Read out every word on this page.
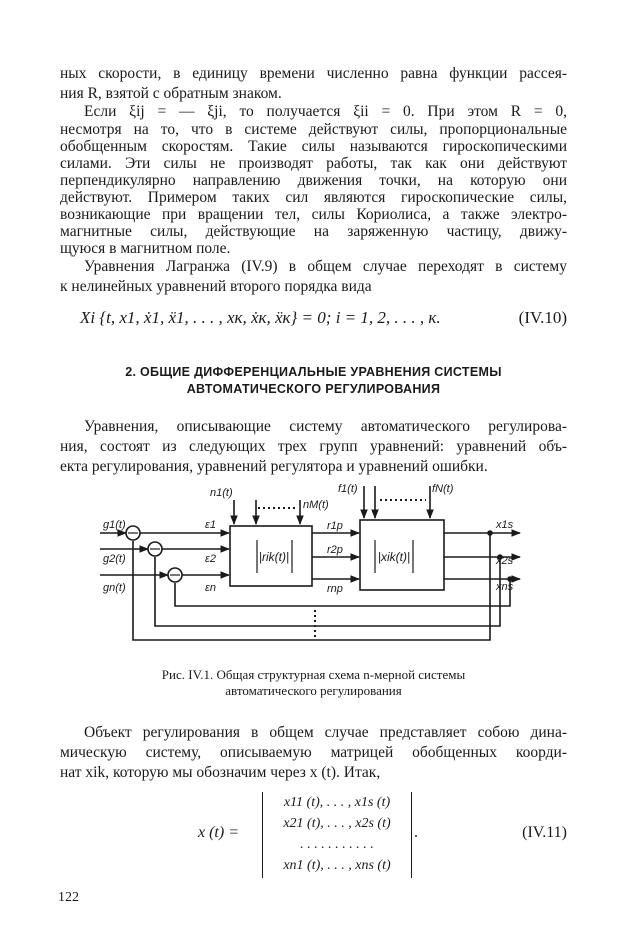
ных скорости, в единицу времени численно равна функции рассея-
ния R, взятой с обратным знаком.
Если ξij = — ξji, то получается ξii = 0. При этом R = 0,
несмотря на то, что в системе действуют силы, пропорциональные
обобщенным скоростям. Такие силы называются гироскопическими
силами. Эти силы не производят работы, так как они действуют
перпендикулярно направлению движения точки, на которую они
действуют. Примером таких сил являются гироскопические силы,
возникающие при вращении тел, силы Кориолиса, а также электро-
магнитные силы, действующие на заряженную частицу, движу-
щуюся в магнитном поле.
Уравнения Лагранжа (IV.9) в общем случае переходят в систему
к нелинейных уравнений второго порядка вида
Xi {t, x1, ẋ1, ẍ1, . . . , xк, ẋк, ẍк} = 0; i = 1, 2, . . . , к.	(IV.10)
2. ОБЩИЕ ДИФФЕРЕНЦИАЛЬНЫЕ УРАВНЕНИЯ СИСТЕМЫ
АВТОМАТИЧЕСКОГО РЕГУЛИРОВАНИЯ
Уравнения, описывающие систему автоматического регулирова-
ния, состоят из следующих трех групп уравнений: уравнений объ-
екта регулирования, уравнений регулятора и уравнений ошибки.
g1(t)
g2(t)
gn(t)
ε1
ε2
εn
n1(t)
nM(t)
f1(t)	fN(t)
r1p
r2p
rnp
x1s
x2s
xns
|rik(t)|	|xik(t)|
Рис. IV.1. Общая структурная схема n-мерной системы
автоматического регулирования
Объект регулирования в общем случае представляет собою дина-
мическую систему, описываемую матрицей обобщенных коорди-
нат xik, которую мы обозначим через x (t). Итак,
x (t) =
x11 (t), . . . , x1s (t)
x21 (t), . . . , x2s (t)
. . . . . . . . . . .
xn1 (t), . . . , xns (t)
.	(IV.11)
122
